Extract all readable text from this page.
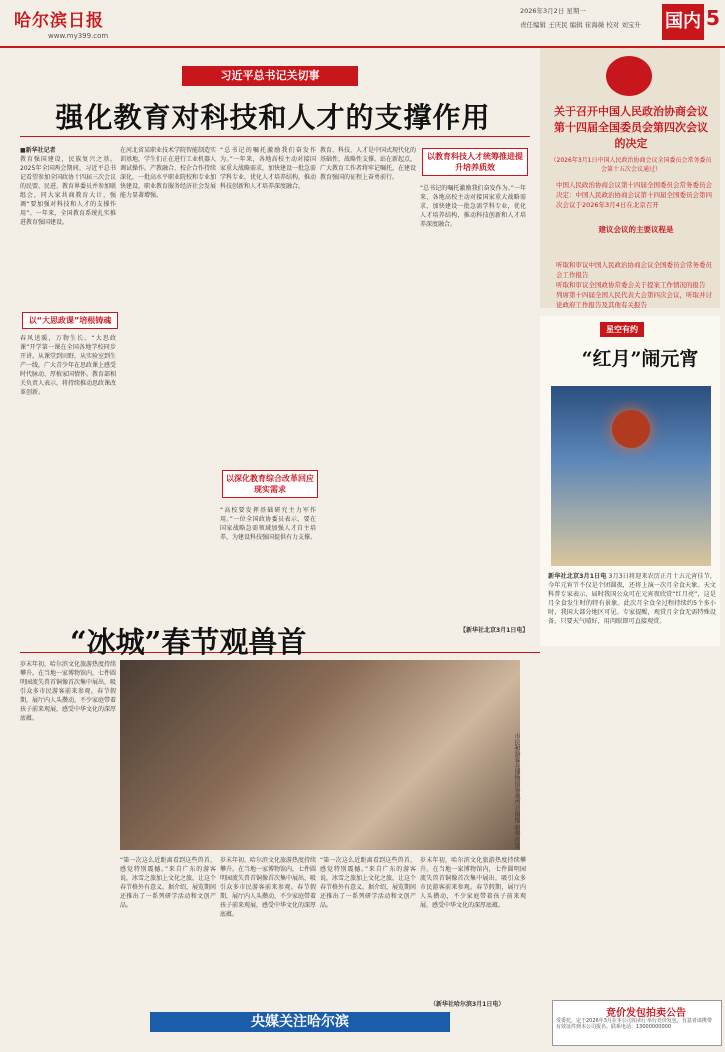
哈尔滨日报
www.my399.com
2026年3月2日 星期一
责任编辑 王庆民 编辑 崔海薇 校对 刘宝升 国内 5
习近平总书记关切事
强化教育对科技和人才的支撑作用
■新华社记者
教育强国建设，民族复兴之基。2025年全国两会期间，习近平总书记看望参加全国政协十四届三次会议的民盟、民进、教育界委员并参加联组会，同大家共商教育大计，强调“要加强对科技和人才的支撑作用”。一年来，全国教育系统扎实推进教育强国建设。
以“大思政课”培根铸魂
春风送暖，万物生长。“大思政课”开学第一课在全国各地学校同步开讲。从课堂到田野，从实验室到生产一线，广大青少年在思政课上感受时代脉动、厚植家国情怀。教育部相关负责人表示，将持续推动思政课改革创新。
在河北省某职业技术学院智能制造实训基地，学生们正在进行工业机器人调试操作。产教融合、校企合作持续深化，一批高水平职业院校和专业加快建设，职业教育服务经济社会发展能力显著增强。
“总书记的嘱托激励我们奋发作为。”一年来，各地高校主动对接国家重大战略需求，加快建设一批急需学科专业，优化人才培养结构，推动科技创新和人才培养深度融合。
以深化教育综合改革回应现实需求
“高校要发挥基础研究主力军作用。”一位全国政协委员表示，要在国家战略急需领域加强人才自主培养，为建设科技强国提供有力支撑。
教育、科技、人才是中国式现代化的基础性、战略性支撑。站在新起点，广大教育工作者将牢记嘱托，在建设教育强国的征程上奋勇前行。
以教育科技人才统筹推进提升培养质效
“总书记的嘱托激励我们奋发作为。”一年来，各地高校主动对接国家重大战略需求，加快建设一批急需学科专业，优化人才培养结构，推动科技创新和人才培养深度融合。
【新华社北京3月1日电】
关于召开中国人民政治协商会议第十四届全国委员会第四次会议的决定
（2026年3月1日中国人民政治协商会议全国委员会常务委员会第十五次会议通过）
中国人民政治协商会议第十四届全国委员会常务委员会决定：中国人民政治协商会议第十四届全国委员会第四次会议于2026年3月4日在北京召开
建议会议的主要议程是
听取和审议中国人民政治协商会议全国委员会常务委员会工作报告
听取和审议全国政协常委会关于提案工作情况的报告
列席第十四届全国人民代表大会第四次会议，听取并讨论政府工作报告及其他有关报告
星空有约
“红月”闹元宵
新华社北京3月1日电 3月3日将迎来农历正月十五元宵佳节，今年元宵节不仅是个团圆夜，还将上演一次月全食天象。天文科普专家表示，届时我国公众可在元宵夜欣赏“红月亮”，这是月全食发生时的特有景象。此次月全食全过程持续约5个多小时，我国大部分地区可见。专家提醒，观赏月全食无需特殊设备，只要天气晴好，用肉眼即可直接观赏。
“冰城”春节观兽首
市民和游客在博物馆参观兽首铜像 新华社发
岁末年初，哈尔滨文化旅游热度持续攀升。在当地一家博物馆内，七件圆明园流失兽首铜像首次集中展出，吸引众多市民游客前来参观。春节假期，展厅内人头攒动，不少家庭带着孩子前来观展，感受中华文化的深厚底蕴。
“第一次这么近距离看到这些兽首，感觉特别震撼。”来自广东的游客说，冰雪之旅加上文化之旅，让这个春节格外有意义。据介绍，展览期间还推出了一系列研学活动和文创产品。
岁末年初，哈尔滨文化旅游热度持续攀升。在当地一家博物馆内，七件圆明园流失兽首铜像首次集中展出，吸引众多市民游客前来参观。春节假期，展厅内人头攒动，不少家庭带着孩子前来观展，感受中华文化的深厚底蕴。
“第一次这么近距离看到这些兽首，感觉特别震撼。”来自广东的游客说，冰雪之旅加上文化之旅，让这个春节格外有意义。据介绍，展览期间还推出了一系列研学活动和文创产品。
岁末年初，哈尔滨文化旅游热度持续攀升。在当地一家博物馆内，七件圆明园流失兽首铜像首次集中展出，吸引众多市民游客前来参观。春节假期，展厅内人头攒动，不少家庭带着孩子前来观展，感受中华文化的深厚底蕴。
（新华社哈尔滨3月1日电）
央媒关注哈尔滨
竞价发包拍卖公告
受委托，定于2026年3月在本公司拍卖厅举行竞价发包，有意者请携带有效证件到本公司报名。联系电话：13000000000
